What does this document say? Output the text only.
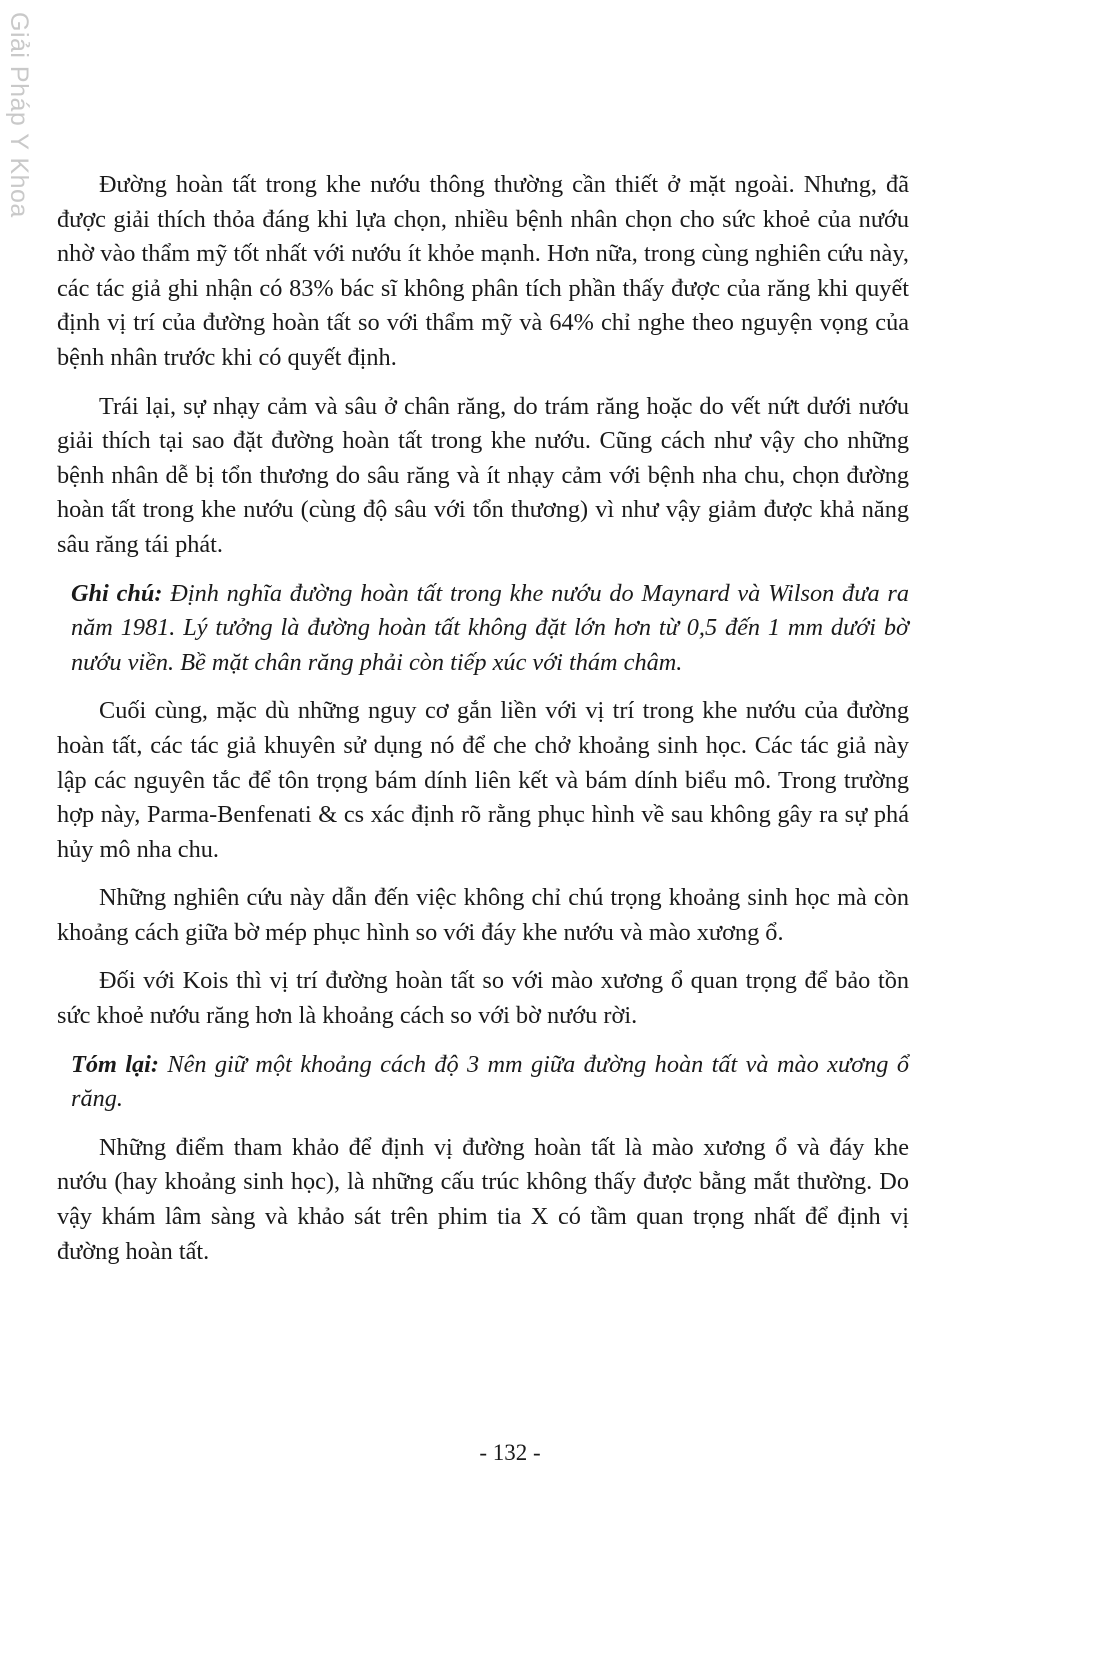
Giải Pháp Y Khoa	Đường hoàn tất trong khe nướu thông thường cần thiết ở mặt ngoài. Nhưng, đã được giải thích thỏa đáng khi lựa chọn, nhiều bệnh nhân chọn cho sức khoẻ của nướu nhờ vào thẩm mỹ tốt nhất với nướu ít khỏe mạnh. Hơn nữa, trong cùng nghiên cứu này, các tác giả ghi nhận có 83% bác sĩ không phân tích phần thấy được của răng khi quyết định vị trí của đường hoàn tất so với thẩm mỹ và 64% chỉ nghe theo nguyện vọng của bệnh nhân trước khi có quyết định.

Trái lại, sự nhạy cảm và sâu ở chân răng, do trám răng hoặc do vết nứt dưới nướu giải thích tại sao đặt đường hoàn tất trong khe nướu. Cũng cách như vậy cho những bệnh nhân dễ bị tổn thương do sâu răng và ít nhạy cảm với bệnh nha chu, chọn đường hoàn tất trong khe nướu (cùng độ sâu với tổn thương) vì như vậy giảm được khả năng sâu răng tái phát.

Ghi chú: Định nghĩa đường hoàn tất trong khe nướu do Maynard và Wilson đưa ra năm 1981. Lý tưởng là đường hoàn tất không đặt lớn hơn từ 0,5 đến 1 mm dưới bờ nướu viền. Bề mặt chân răng phải còn tiếp xúc với thám châm.

Cuối cùng, mặc dù những nguy cơ gắn liền với vị trí trong khe nướu của đường hoàn tất, các tác giả khuyên sử dụng nó để che chở khoảng sinh học. Các tác giả này lập các nguyên tắc để tôn trọng bám dính liên kết và bám dính biểu mô. Trong trường hợp này, Parma-Benfenati & cs xác định rõ rằng phục hình về sau không gây ra sự phá hủy mô nha chu.

Những nghiên cứu này dẫn đến việc không chỉ chú trọng khoảng sinh học mà còn khoảng cách giữa bờ mép phục hình so với đáy khe nướu và mào xương ổ.

Đối với Kois thì vị trí đường hoàn tất so với mào xương ổ quan trọng để bảo tồn sức khoẻ nướu răng hơn là khoảng cách so với bờ nướu rời.

Tóm lại: Nên giữ một khoảng cách độ 3 mm giữa đường hoàn tất và mào xương ổ răng.

Những điểm tham khảo để định vị đường hoàn tất là mào xương ổ và đáy khe nướu (hay khoảng sinh học), là những cấu trúc không thấy được bằng mắt thường. Do vậy khám lâm sàng và khảo sát trên phim tia X có tầm quan trọng nhất để định vị đường hoàn tất.

- 132 -
